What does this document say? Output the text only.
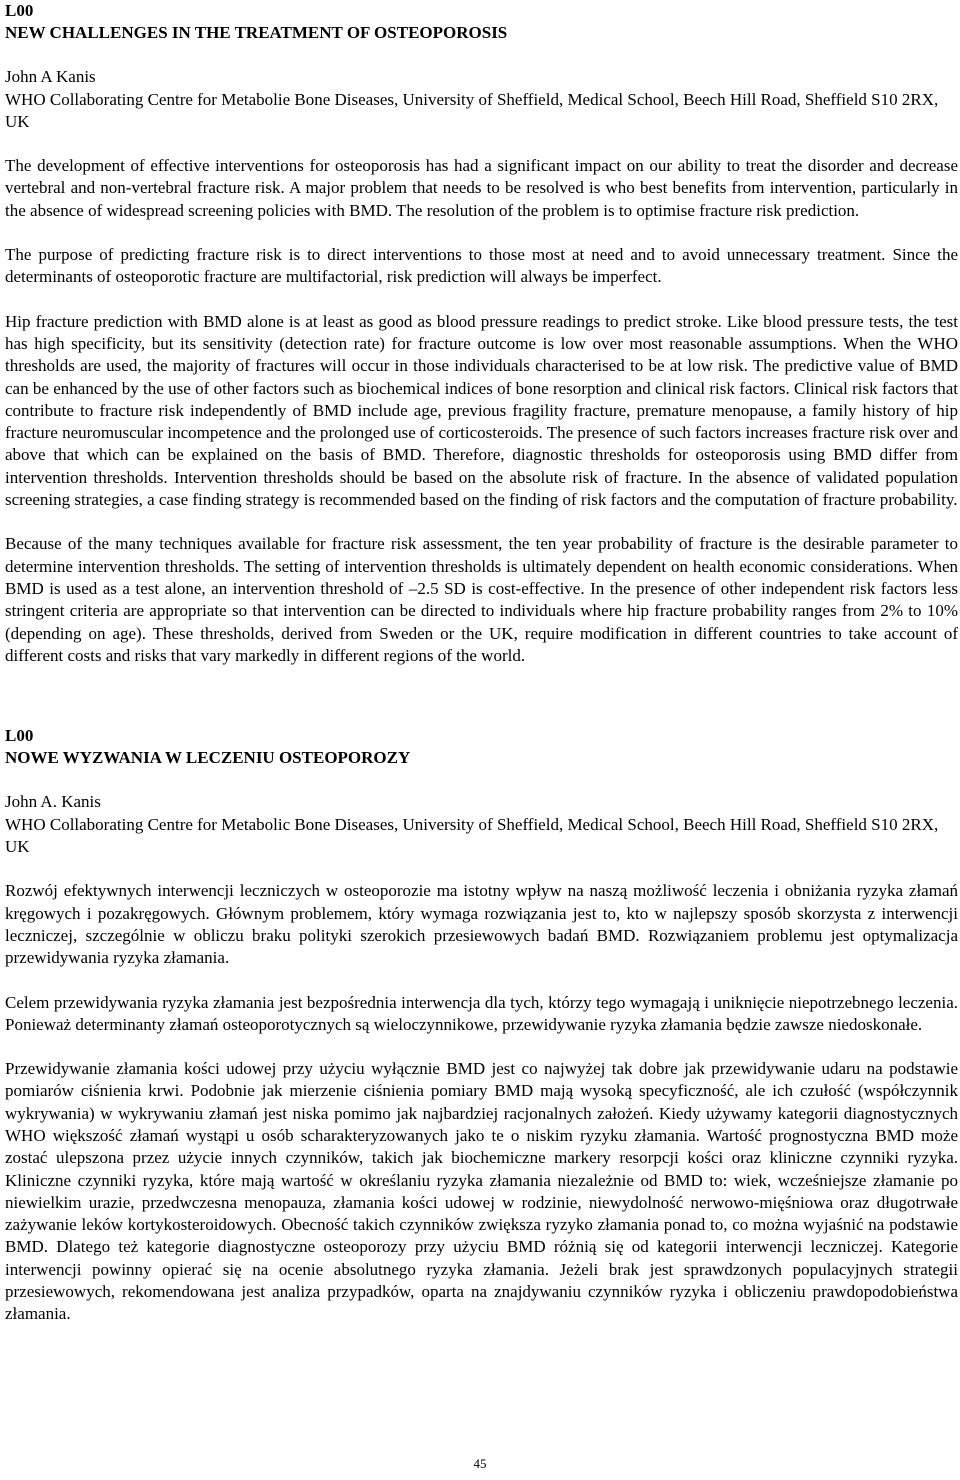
L00
NEW CHALLENGES IN THE TREATMENT OF OSTEOPOROSIS
John A Kanis
WHO Collaborating Centre for Metabolie Bone Diseases, University of Sheffield, Medical School, Beech Hill Road, Sheffield S10 2RX, UK

The development of effective interventions for osteoporosis has had a significant impact on our ability to treat the disorder and decrease vertebral and non-vertebral fracture risk. A major problem that needs to be resolved is who best benefits from intervention, particularly in the absence of widespread screening policies with BMD. The resolution of the problem is to optimise fracture risk prediction.

The purpose of predicting fracture risk is to direct interventions to those most at need and to avoid unnecessary treatment. Since the determinants of osteoporotic fracture are multifactorial, risk prediction will always be imperfect.

Hip fracture prediction with BMD alone is at least as good as blood pressure readings to predict stroke. Like blood pressure tests, the test has high specificity, but its sensitivity (detection rate) for fracture outcome is low over most reasonable assumptions. When the WHO thresholds are used, the majority of fractures will occur in those individuals characterised to be at low risk. The predictive value of BMD can be enhanced by the use of other factors such as biochemical indices of bone resorption and clinical risk factors. Clinical risk factors that contribute to fracture risk independently of BMD include age, previous fragility fracture, premature menopause, a family history of hip fracture neuromuscular incompetence and the prolonged use of corticosteroids. The presence of such factors increases fracture risk over and above that which can be explained on the basis of BMD. Therefore, diagnostic thresholds for osteoporosis using BMD differ from intervention thresholds. Intervention thresholds should be based on the absolute risk of fracture. In the absence of validated population screening strategies, a case finding strategy is recommended based on the finding of risk factors and the computation of fracture probability.

Because of the many techniques available for fracture risk assessment, the ten year probability of fracture is the desirable parameter to determine intervention thresholds. The setting of intervention thresholds is ultimately dependent on health economic considerations. When BMD is used as a test alone, an intervention threshold of –2.5 SD is cost-effective. In the presence of other independent risk factors less stringent criteria are appropriate so that intervention can be directed to individuals where hip fracture probability ranges from 2% to 10% (depending on age). These thresholds, derived from Sweden or the UK, require modification in different countries to take account of different costs and risks that vary markedly in different regions of the world.

L00
NOWE WYZWANIA W LECZENIU OSTEOPOROZY
John A. Kanis
WHO Collaborating Centre for Metabolic Bone Diseases, University of Sheffield, Medical School, Beech Hill Road, Sheffield S10 2RX, UK

Rozwój efektywnych interwencji leczniczych w osteoporozie ma istotny wpływ na naszą możliwość leczenia i obniżania ryzyka złamań kręgowych i pozakręgowych. Głównym problemem, który wymaga rozwiązania jest to, kto w najlepszy sposób skorzysta z interwencji leczniczej, szczególnie w obliczu braku polityki szerokich przesiewowych badań BMD. Rozwiązaniem problemu jest optymalizacja przewidywania ryzyka złamania.

Celem przewidywania ryzyka złamania jest bezpośrednia interwencja dla tych, którzy tego wymagają i uniknięcie niepotrzebnego leczenia. Ponieważ determinanty złamań osteoporotycznych są wieloczynnikowe, przewidywanie ryzyka złamania będzie zawsze niedoskonałe.

Przewidywanie złamania kości udowej przy użyciu wyłącznie BMD jest co najwyżej tak dobre jak przewidywanie udaru na podstawie pomiarów ciśnienia krwi. Podobnie jak mierzenie ciśnienia pomiary BMD mają wysoką specyficzność, ale ich czułość (współczynnik wykrywania) w wykrywaniu złamań jest niska pomimo jak najbardziej racjonalnych założeń. Kiedy używamy kategorii diagnostycznych WHO większość złamań wystąpi u osób scharakteryzowanych jako te o niskim ryzyku złamania. Wartość prognostyczna BMD może zostać ulepszona przez użycie innych czynników, takich jak biochemiczne markery resorpcji kości oraz kliniczne czynniki ryzyka. Kliniczne czynniki ryzyka, które mają wartość w określaniu ryzyka złamania niezależnie od BMD to: wiek, wcześniejsze złamanie po niewielkim urazie, przedwczesna menopauza, złamania kości udowej w rodzinie, niewydolność nerwowo-mięśniowa oraz długotrwałe zażywanie leków kortykosteroidowych. Obecność takich czynników zwiększa ryzyko złamania ponad to, co można wyjaśnić na podstawie BMD. Dlatego też kategorie diagnostyczne osteoporozy przy użyciu BMD różnią się od kategorii interwencji leczniczej. Kategorie interwencji powinny opierać się na ocenie absolutnego ryzyka złamania. Jeżeli brak jest sprawdzonych populacyjnych strategii przesiewowych, rekomendowana jest analiza przypadków, oparta na znajdywaniu czynników ryzyka i obliczeniu prawdopodobieństwa złamania.

45
